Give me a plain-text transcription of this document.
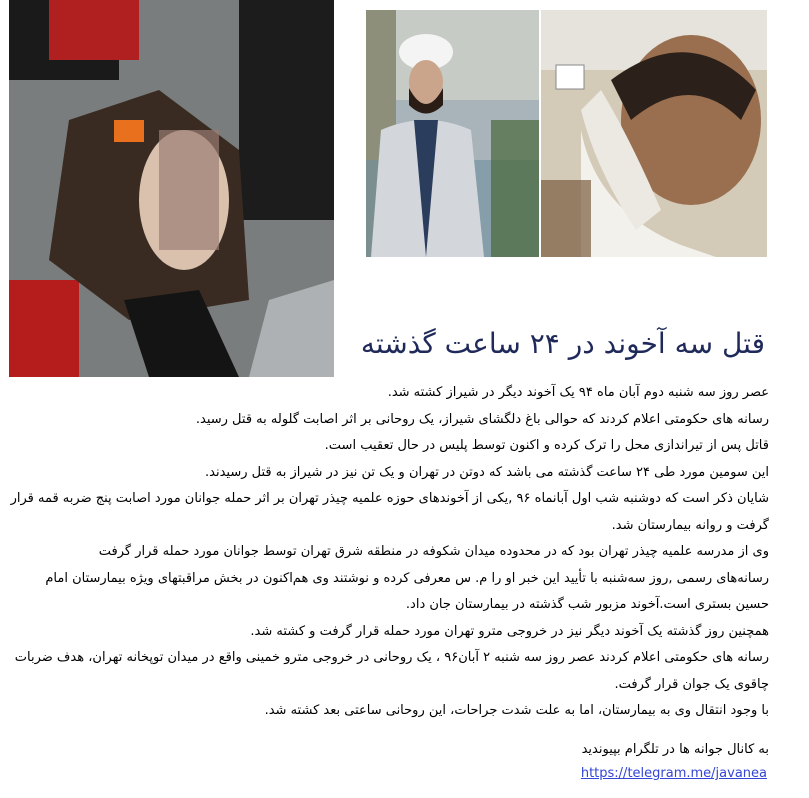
قتل سه آخوند در ۲۴ ساعت گذشته

عصر روز سه شنبه دوم آبان ماه ۹۴ یک آخوند دیگر در شیراز کشته شد.

رسانه های حکومتی اعلام کردند که حوالی باغ دلگشای شیراز، یک روحانی بر اثر اصابت گلوله به قتل رسید.

قاتل پس از تیراندازی محل را ترک کرده و اکنون توسط پلیس در حال تعقیب است.

این سومین مورد طی ۲۴ ساعت گذشته می باشد که دوتن در تهران و یک تن نیز در شیراز به قتل رسیدند.

شایان ذکر است که دوشنبه شب اول آبانماه ۹۶ ,یکی از آخوندهای حوزه علمیه چیذر تهران بر اثر حمله جوانان مورد اصابت پنج ضربه قمه قرار گرفت و روانه بیمارستان شد.

وی از مدرسه علمیه چیذر تهران بود که در محدوده میدان شکوفه در منطقه شرق تهران توسط جوانان مورد حمله قرار گرفت

رسانه‌های رسمی ,روز سه‌شنبه با تأیید این خبر او را م. س معرفی کرده و نوشتند وی هم‌اکنون در بخش مراقبتهای ویژه بیمارستان امام حسین بستری است.آخوند مزبور شب گذشته در بیمارستان جان داد.

همچنین روز گذشته یک آخوند دیگر نیز در خروجی مترو تهران مورد حمله قرار گرفت و کشته شد.

رسانه های حکومتی اعلام کردند عصر روز سه شنبه ۲ آبان۹۶ ، یک روحانی در خروجی مترو خمینی واقع در میدان توپخانه تهران، هدف ضربات چاقوی یک جوان قرار گرفت.

با وجود انتقال وی به بیمارستان، اما به علت شدت جراحات، این روحانی ساعتی بعد کشته شد.

به کانال جوانه ها در تلگرام بپیوندید
https://telegram.me/javanea
